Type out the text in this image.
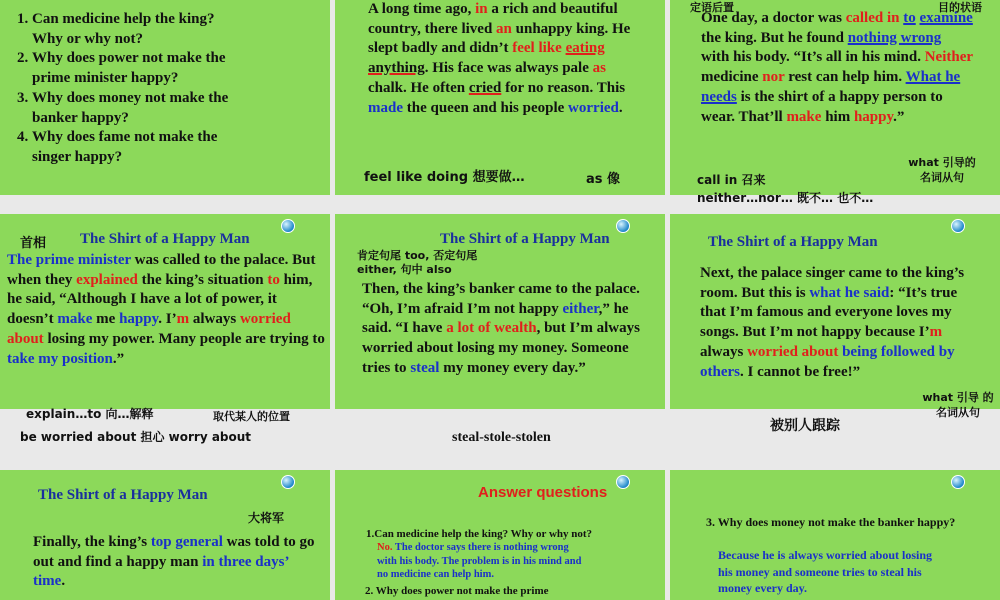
1. Can medicine help the king? Why or why not?
2. Why does power not make the prime minister happy?
3. Why does money not make the banker happy?
4. Why does fame not make the singer happy?
A long time ago, in a rich and beautiful country, there lived an unhappy king. He slept badly and didn’t feel like eating anything. His face was always pale as chalk. He often cried for no reason. This made the queen and his people worried.
feel like doing 想要做…	as 像
定语后置	目的状语
One day, a doctor was called in to examine the king. But he found nothing wrong with his body. “It’s all in his mind. Neither medicine nor rest can help him. What he needs is the shirt of a happy person to wear. That’ll make him happy.”
what 引导的 名词从句
call in 召来
neither…nor… 既不… 也不…
首相 The Shirt of a Happy Man
The prime minister was called to the palace. But when they explained the king’s situation to him, he said, “Although I have a lot of power, it doesn’t make me happy. I’m always worried about losing my power. Many people are trying to take my position.”
explain…to 向…解释	取代某人的位置
be worried about 担心 worry about
The Shirt of a Happy Man
肯定句尾 too, 否定句尾
either, 句中 also
Then, the king’s banker came to the palace. “Oh, I’m afraid I’m not happy either,” he said. “I have a lot of wealth, but I’m always worried about losing my money. Someone tries to steal my money every day.”
steal-stole-stolen
The Shirt of a Happy Man
Next, the palace singer came to the king’s room. But this is what he said: “It’s true that I’m famous and everyone loves my songs. But I’m not happy because I’m always worried about being followed by others. I cannot be free!”
what 引导 的名词从句
被别人跟踪
The Shirt of a Happy Man
大将军
Finally, the king’s top general was told to go out and find a happy man in three days’ time.
Answer questions
1.Can medicine help the king? Why or why not?
No. The doctor says there is nothing wrong with his body. The problem is in his mind and no medicine can help him.
2. Why does power not make the prime
3. Why does money not make the banker happy?
Because he is always worried about losing his money and someone tries to steal his money every day.
